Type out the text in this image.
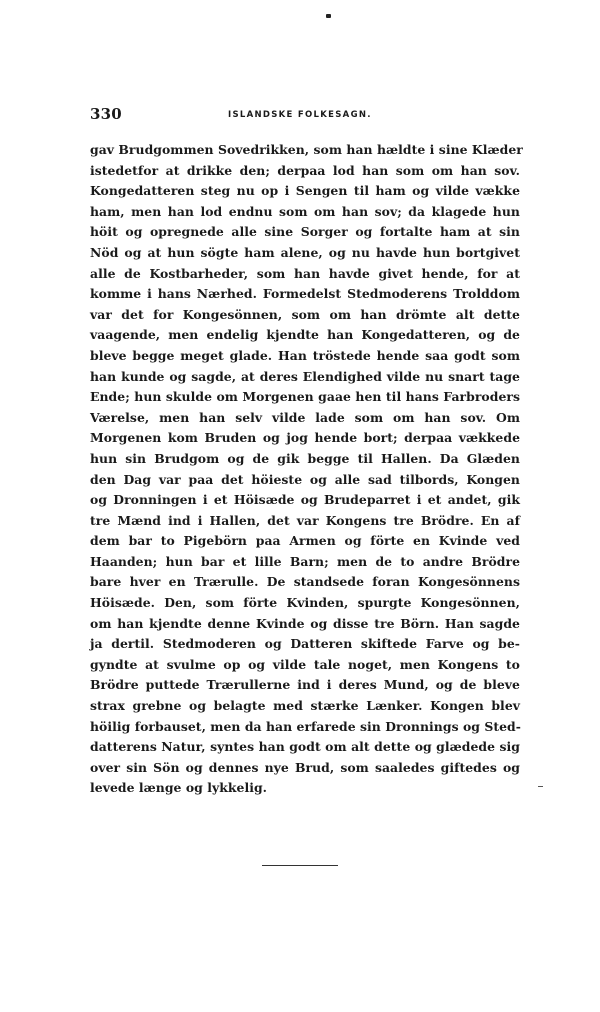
330	ISLANDSKE FOLKESAGN.
gav Brudgommen Sovedrikken, som han hældte i sine Klæder
istedetfor at drikke den; derpaa lod han som om han sov.
Kongedatteren steg nu op i Sengen til ham og vilde vække
ham, men han lod endnu som om han sov; da klagede hun
höit og opregnede alle sine Sorger og fortalte ham at sin
Nöd og at hun sögte ham alene, og nu havde hun bortgivet
alle de Kostbarheder, som han havde givet hende, for at
komme i hans Nærhed. Formedelst Stedmoderens Trolddom
var det for Kongesönnen, som om han drömte alt dette
vaagende, men endelig kjendte han Kongedatteren, og de
bleve begge meget glade. Han tröstede hende saa godt som
han kunde og sagde, at deres Elendighed vilde nu snart tage
Ende; hun skulde om Morgenen gaae hen til hans Farbroders
Værelse, men han selv vilde lade som om han sov. Om
Morgenen kom Bruden og jog hende bort; derpaa vækkede
hun sin Brudgom og de gik begge til Hallen. Da Glæden
den Dag var paa det höieste og alle sad tilbords, Kongen
og Dronningen i et Höisæde og Brudeparret i et andet, gik
tre Mænd ind i Hallen, det var Kongens tre Brödre. En af
dem bar to Pigebörn paa Armen og förte en Kvinde ved
Haanden; hun bar et lille Barn; men de to andre Brödre
bare hver en Trærulle. De standsede foran Kongesönnens
Höisæde. Den, som förte Kvinden, spurgte Kongesönnen,
om han kjendte denne Kvinde og disse tre Börn. Han sagde
ja dertil. Stedmoderen og Datteren skiftede Farve og be-
gyndte at svulme op og vilde tale noget, men Kongens to
Brödre puttede Trærullerne ind i deres Mund, og de bleve
strax grebne og belagte med stærke Lænker. Kongen blev
höilig forbauset, men da han erfarede sin Dronnings og Sted-
datterens Natur, syntes han godt om alt dette og glædede sig
over sin Sön og dennes nye Brud, som saaledes giftedes og
levede længe og lykkelig.
